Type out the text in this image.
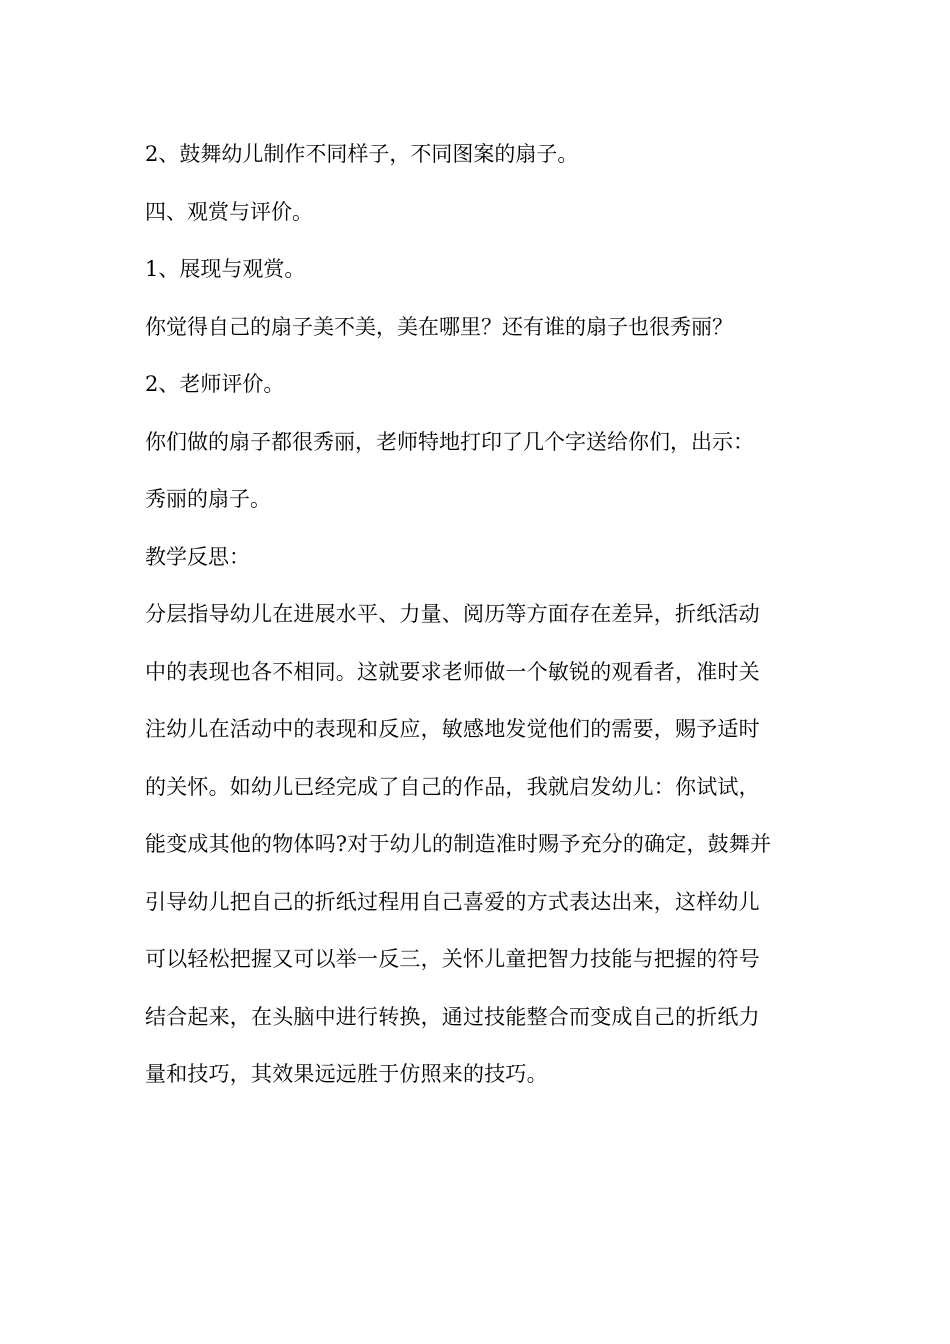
2、鼓舞幼儿制作不同样子，不同图案的扇子。

四、观赏与评价。

1、展现与观赏。

你觉得自己的扇子美不美，美在哪里？还有谁的扇子也很秀丽？

2、老师评价。

你们做的扇子都很秀丽，老师特地打印了几个字送给你们，出示：

秀丽的扇子。

教学反思：

分层指导幼儿在进展水平、力量、阅历等方面存在差异，折纸活动

中的表现也各不相同。这就要求老师做一个敏锐的观看者，准时关

注幼儿在活动中的表现和反应，敏感地发觉他们的需要，赐予适时

的关怀。如幼儿已经完成了自己的作品，我就启发幼儿：你试试，

能变成其他的物体吗?对于幼儿的制造准时赐予充分的确定，鼓舞并

引导幼儿把自己的折纸过程用自己喜爱的方式表达出来，这样幼儿

可以轻松把握又可以举一反三，关怀儿童把智力技能与把握的符号

结合起来，在头脑中进行转换，通过技能整合而变成自己的折纸力

量和技巧，其效果远远胜于仿照来的技巧。
